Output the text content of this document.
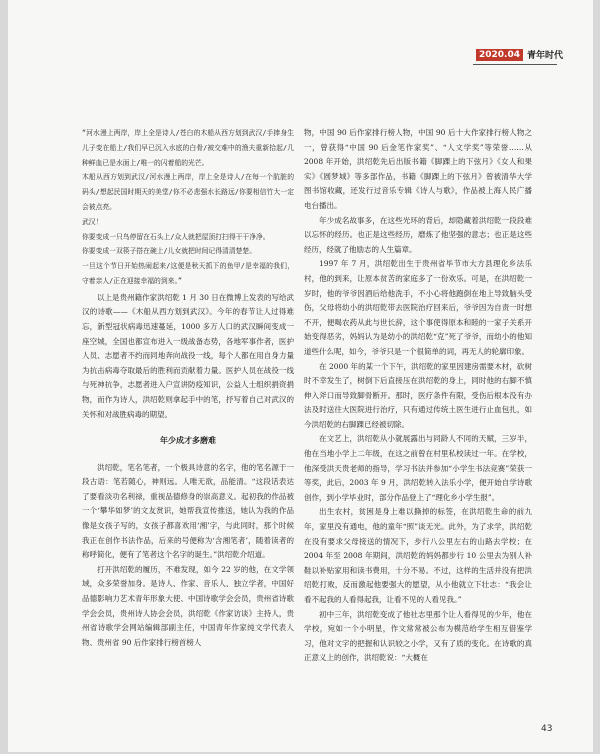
2020.04 青年时代

“河水漫上两岸，岸上全是诗人/苍白的木船从西方划到武汉/手捧身生儿子变在船上/我们早已沉入水底的白骨/被交难中的渔夫重新拾起/几种鲜血已是水面上/唯一的闪着船的光芒。

木船从西方划到武汉/河水漫上两岸，岸上全是诗人/在每一个肮脏的码头/想起民国时期天的美堂/你不必悲强水长路远/你要相信竹大一定会被点亮。

武汉！

你要变成一只鸟停留在石头上/众人就把屋顶打扫得干干净净。

你要变成一双筷子搭在碗上/儿女就把时间记得清清楚楚。

一旦这个节日开始热闹起来/这便是秋天抓下的鱼甲/是幸福的我们，守着亲人/正在迎接幸福的到来。”

以上是贵州籍作家洪绍乾 1 月 30 日在微博上发表的写给武汉的诗歌——《木船从西方划到武汉》。今年的春节让人过得难忘，新型冠状病毒迅速蔓延，1000 多万人口的武汉瞬间变成一座空城，全国也都宣布进入一级战备态势，各地军事作者，医护人员、志愿者不约而同地奔向战役一线，每个人都在用自身力量为抗击病毒夺取最后的胜利而贡献着力量。医护人员在战役一线与死神抗争，志愿者进入户宣讲防疫知识，公益人士组织捐资捐物，而作为诗人，洪绍乾则拿起手中的笔，抒写着自己对武汉的关怀和对战胜病毒的期望。

年少成才多磨难

洪绍乾，笔名笔者，一个极具诗意的名字，他的笔名源于一段古语：笔若随心，神则远。人唯无欲，品能清。“这段话表达了要看淡功名利禄，重视品德修身的崇高意义。起初我的作品被一个‘攀华如梦’的文友赏识，她帮我宣传推送，她认为我的作品像是女孩子写的，女孩子都喜欢用‘湘’字，与此同时，那个时候我正在创作书法作品，后来的号便称为‘含湘笔者’，随着读者的称呼简化，便有了笔者这个名字的诞生。”洪绍乾介绍道。

打开洪绍乾的履历，不难发现，如今 22 岁的他，在文学领域，众多荣誉加身。是诗人、作家、音乐人、独立学者，中国好品德影响力艺术青年形象大使、中国诗歌学会会员，贵州省诗歌学会会员，贵州诗人协会会员，洪绍乾《作家访谈》主持人，贵州省诗歌学会网站编辑部副主任，中国青年作家纯文学代表人物、贵州省 90 后作家排行榜首榜人

物，中国 90 后作家排行榜人物，中国 90 后十大作家排行榜人物之一，曾获得“中国 90 后金笔作家奖”、“人文学奖”等荣誉……从 2008 年开始，洪绍乾先后出版书籍《脚踝上的下弦月》《女人和果实》《圆梦城》等多部作品，书籍《脚踝上的下弦月》曾被清华大学图书馆收藏，还发行过音乐专辑《诗人与歌》，作品被上海人民广播电台播出。

年少成名故事多，在这些光环的背后，却隐藏着洪绍乾一段段难以忘怀的经历。也正是这些经历，磨炼了他坚强的意志；也正是这些经历，经就了他励志的人生篇章。

1997 年 7 月，洪绍乾出生于贵州省毕节市大方县理化乡法乐村，他的到来，让原本贫苦的家庭多了一份欢乐。可是，在洪绍乾一岁时，他的爷爷因酒后给他洗手，不小心将他跑倒在地上导致脑头受伤，父母将幼小的洪绍乾带去医院治疗回来后，爷爷因为自责一时想不开，便喝农药从此与世长辞，这个事使得原本和睦的一家子关系开始变得恶劣，妈妈认为是幼小的洪绍乾“克”死了爷爷，而幼小的他知道些什么呢，如今，爷爷只是一个很简单的词，再无人的轮廓印象。

在 2000 年的某一个下午，洪绍乾的家里因建房需要木材，砍树时不幸发生了，树倒下后直接压在洪绍乾的身上，同时他的右脚不慎伸入斧口而导致脚骨断开。那时，医疗条件有限，受伤后根本没有办法及时送往大医院进行治疗，只有通过传统土医生进行止血包扎，如今洪绍乾的右脚踝已经被切除。

在文艺上，洪绍乾从小就展露出与同龄人不同的天赋，三岁半，他在当地小学上二年级，在这之前曾在村里私校读过一年。在学校，他深受洪天贵老师的指导，学习书法并参加“小学生书法竞赛”荣获一等奖，此后，2003 年 9 月，洪绍乾转入法乐小学，便开始自学诗歌创作，到小学毕业时，部分作品登上了“理化乡小学生报”。

出生农村，贫困是身上难以撕掉的标签，在洪绍乾生命的前九年，家里没有通电，他的童年“照”谈无光。此外，为了求学，洪绍乾在没有要求父母接送的情况下，步行八公里左右的山路去学校；在 2004 年至 2008 年期间，洪绍乾的妈妈都步行 10 公里去为别人补鞋以补贴家用和读书费用，十分不易。不过，这样的生活并没有把洪绍乾打败，反而激起他要强大的愿望，从小他就立下壮志：“我会让看不起我的人看得起我，让看不见的人看见我。”

初中三年，洪绍乾变成了他社志里那个让人看得见的少年，他在学校，宛如一个小明星，作文常常被公布为模范给学生相互借鉴学习，他对文字的把握和认识较之小学，又有了质的变化。在诗歌的真正意义上的创作，洪绍乾说：“大概在

43
